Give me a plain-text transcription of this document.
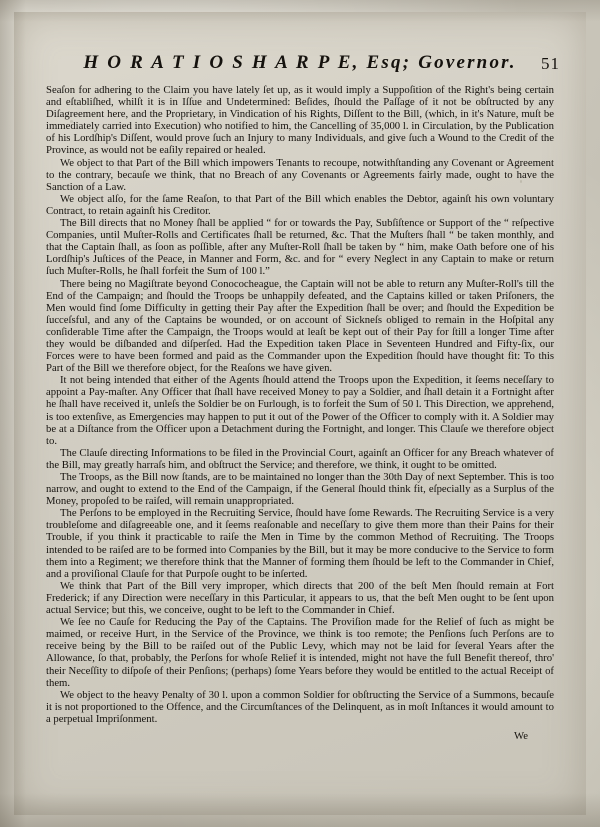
H O R A T I O S H A R P E, Esq; Governor.	51

Seaſon for adhering to the Claim you have lately ſet up, as it would imply a Suppoſition of the Right's being certain and eſtabliſhed, whilſt it is in Iſſue and Undetermined: Beſides, ſhould the Paſſage of it not be obſtructed by any Diſagreement here, and the Proprietary, in Vindication of his Rights, Diſſent to the Bill, (which, in it's Nature, muſt be immediately carried into Execution) who notified to him, the Cancelling of 35,000 l. in Circulation, by the Publication of his Lordſhip's Diſſent, would prove ſuch an Injury to many Individuals, and give ſuch a Wound to the Credit of the Province, as would not be eaſily repaired or healed.

We object to that Part of the Bill which impowers Tenants to recoupe, notwithſtanding any Covenant or Agreement to the contrary, becauſe we think, that no Breach of any Covenants or Agreements fairly made, ought to have the Sanction of a Law.

We object alſo, for the ſame Reaſon, to that Part of the Bill which enables the Debtor, againſt his own voluntary Contract, to retain againſt his Creditor.

The Bill directs that no Money ſhall be applied “ for or towards the Pay, Subſiſtence or Support of the “ reſpective Companies, until Muſter-Rolls and Certificates ſhall be returned, &c. That the Muſters ſhall “ be taken monthly, and that the Captain ſhall, as ſoon as poſſible, after any Muſter-Roll ſhall be taken by “ him, make Oath before one of his Lordſhip's Juſtices of the Peace, in Manner and Form, &c. and for “ every Neglect in any Captain to make or return ſuch Muſter-Rolls, he ſhall forfeit the Sum of 100 l.”

There being no Magiſtrate beyond Conococheague, the Captain will not be able to return any Muſter-Roll's till the End of the Campaign; and ſhould the Troops be unhappily defeated, and the Captains killed or taken Priſoners, the Men would find ſome Difficulty in getting their Pay after the Expedition ſhall be over; and ſhould the Expedition be ſucceſsful, and any of the Captains be wounded, or on account of Sickneſs obliged to remain in the Hoſpital any conſiderable Time after the Campaign, the Troops would at leaſt be kept out of their Pay for ſtill a longer Time after they would be diſbanded and diſperſed. Had the Expedition taken Place in Seventeen Hundred and Fifty-ſix, our Forces were to have been formed and paid as the Commander upon the Expedition ſhould have thought fit: To this Part of the Bill we therefore object, for the Reaſons we have given.

It not being intended that either of the Agents ſhould attend the Troops upon the Expedition, it ſeems neceſſary to appoint a Pay-maſter. Any Officer that ſhall have received Money to pay a Soldier, and ſhall detain it a Fortnight after he ſhall have received it, unleſs the Soldier be on Furlough, is to forfeit the Sum of 50 l. This Direction, we apprehend, is too extenſive, as Emergencies may happen to put it out of the Power of the Officer to comply with it. A Soldier may be at a Diſtance from the Officer upon a Detachment during the Fortnight, and longer. This Clauſe we therefore object to.

The Clauſe directing Informations to be filed in the Provincial Court, againſt an Officer for any Breach whatever of the Bill, may greatly harraſs him, and obſtruct the Service; and therefore, we think, it ought to be omitted.

The Troops, as the Bill now ſtands, are to be maintained no longer than the 30th Day of next September. This is too narrow, and ought to extend to the End of the Campaign, if the General ſhould think fit, eſpecially as a Surplus of the Money, propoſed to be raiſed, will remain unappropriated.

The Perſons to be employed in the Recruiting Service, ſhould have ſome Rewards. The Recruiting Service is a very troubleſome and diſagreeable one, and it ſeems reaſonable and neceſſary to give them more than their Pains for their Trouble, if you think it practicable to raiſe the Men in Time by the common Method of Recruiting. The Troops intended to be raiſed are to be formed into Companies by the Bill, but it may be more conducive to the Service to form them into a Regiment; we therefore think that the Manner of forming them ſhould be left to the Commander in Chief, and a proviſional Clauſe for that Purpoſe ought to be inſerted.

We think that Part of the Bill very improper, which directs that 200 of the beſt Men ſhould remain at Fort Frederick; if any Direction were neceſſary in this Particular, it appears to us, that the beſt Men ought to be ſent upon actual Service; but this, we conceive, ought to be left to the Commander in Chief.

We ſee no Cauſe for Reducing the Pay of the Captains. The Proviſion made for the Relief of ſuch as might be maimed, or receive Hurt, in the Service of the Province, we think is too remote; the Penſions ſuch Perſons are to receive being by the Bill to be raiſed out of the Public Levy, which may not be laid for ſeveral Years after the Allowance, ſo that, probably, the Perſons for whoſe Relief it is intended, might not have the full Benefit thereof, thro' their Neceſſity to diſpoſe of their Penſions; (perhaps) ſome Years before they would be entitled to the actual Receipt of them.

We object to the heavy Penalty of 30 l. upon a common Soldier for obſtructing the Service of a Summons, becauſe it is not proportioned to the Offence, and the Circumſtances of the Delinquent, as in moſt Inſtances it would amount to a perpetual Impriſonment.

We
